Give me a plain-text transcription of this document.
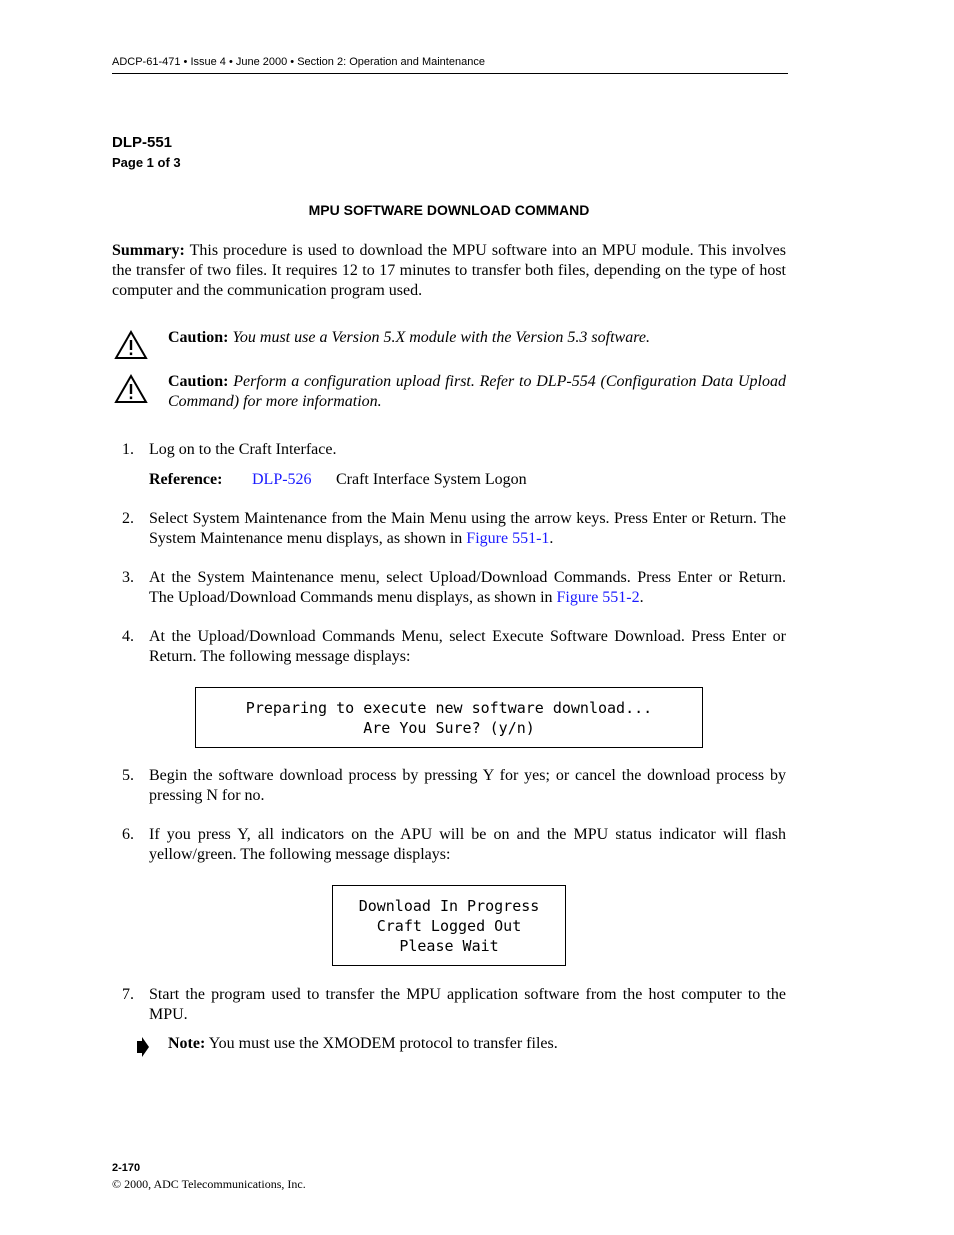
ADCP-61-471 • Issue 4 • June 2000 • Section 2: Operation and Maintenance
DLP-551
Page 1 of 3
MPU SOFTWARE DOWNLOAD COMMAND
Summary: This procedure is used to download the MPU software into an MPU module. This involves the transfer of two files. It requires 12 to 17 minutes to transfer both files, depending on the type of host computer and the communication program used.
Caution: You must use a Version 5.X module with the Version 5.3 software.
Caution: Perform a configuration upload first. Refer to DLP-554 (Configuration Data Upload Command) for more information.
1. Log on to the Craft Interface.
Reference: DLP-526 Craft Interface System Logon
2. Select System Maintenance from the Main Menu using the arrow keys. Press Enter or Return. The System Maintenance menu displays, as shown in Figure 551-1.
3. At the System Maintenance menu, select Upload/Download Commands. Press Enter or Return. The Upload/Download Commands menu displays, as shown in Figure 551-2.
4. At the Upload/Download Commands Menu, select Execute Software Download. Press Enter or Return. The following message displays:
Preparing to execute new software download...
Are You Sure? (y/n)
5. Begin the software download process by pressing Y for yes; or cancel the download process by pressing N for no.
6. If you press Y, all indicators on the APU will be on and the MPU status indicator will flash yellow/green. The following message displays:
Download In Progress
Craft Logged Out
Please Wait
7. Start the program used to transfer the MPU application software from the host computer to the MPU.
Note: You must use the XMODEM protocol to transfer files.
2-170
© 2000, ADC Telecommunications, Inc.
